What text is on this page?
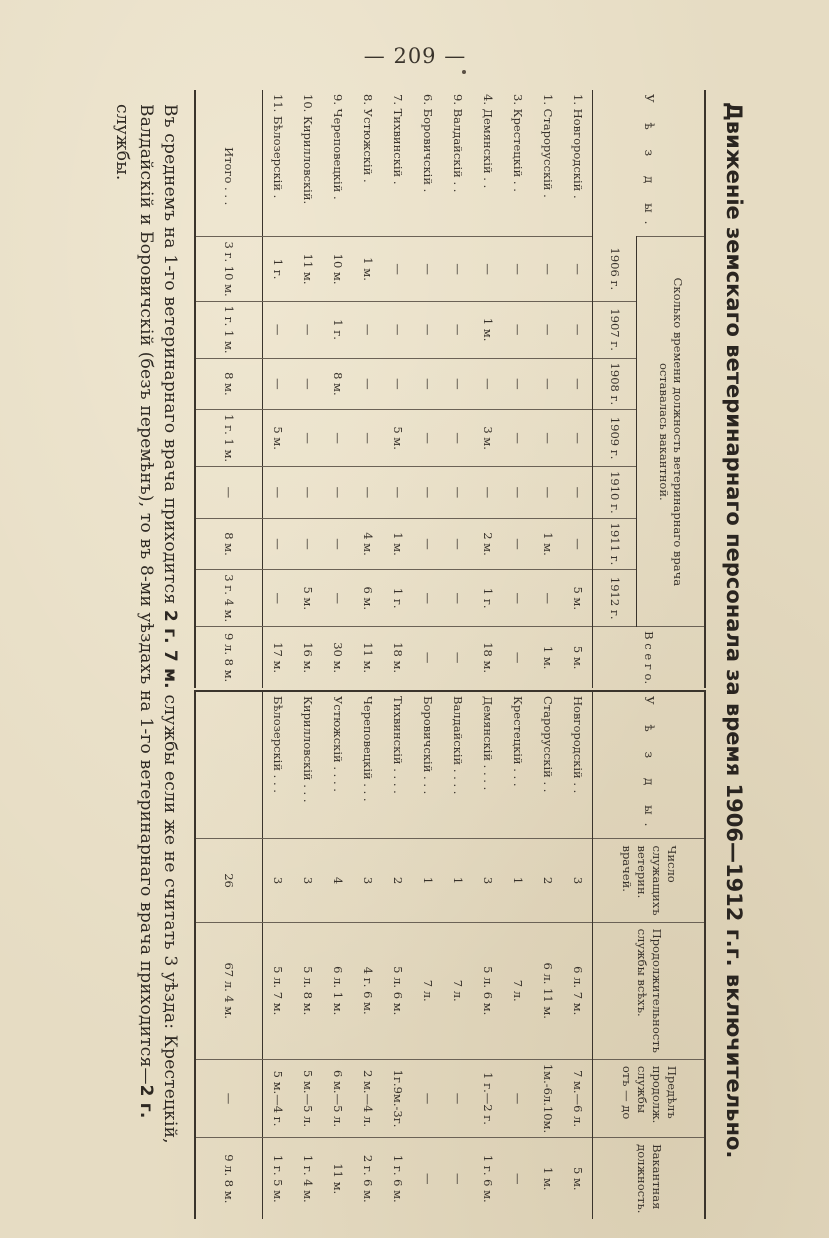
— 209 —
Движеніе земскаго ветеринарнаго персонала за время 1906—1912 г.г. включительно.
У ѣ з д ы.	Сколько времени должность ветеринарнаго врача оставалась вакантной.							В с е г о.
	1906 г.	1907 г.	1908 г.	1909 г.	1910 г.	1911 г.	1912 г.	
1. Новгородскій .	—	—	—	—	—	—	5 м.	5 м.
1. Старорусскій .	—	—	—	—	—	1 м.	—	1 м.
3. Крестецкій . .	—	—	—	—	—	—	—	—
4. Демянскій . .	—	1 м.	—	3 м.	—	2 м.	1 г.	18 м.
9. Валдайскій . .	—	—	—	—	—	—	—	—
6. Боровичскій .	—	—	—	—	—	—	—	—
7. Тихвинскій .	—	—	—	5 м.	—	1 м.	1 г.	18 м.
8. Устюжскій .	1 м.	—	—	—	—	4 м.	6 м.	11 м.
9. Череповецкій .	10 м.	1 г.	8 м.	—	—	—	—	30 м.
10. Кирилловскій.	11 м.	—	—	—	—	—	5 м.	16 м.
11. Бѣлозерскій .	1 г.	—	—	5 м.	—	—	—	17 м.
Итого . . .	3 г. 10 м.	1 г. 1 м.	8 м.	1 г. 1 м.	—	8 м.	3 г. 4 м.	9 л. 8 м.
У ѣ з д ы.	Число служащихъ ветерин. врачей.	Продолжительность службы всѣхъ.	Предѣлъ продолж. службы отъ — до	Вакантная должность.
Новгородскій . .	3	6 л. 7 м.	7 м.—6 л.	5 м.
Старорусскій . .	2	6 л. 11 м.	1м.-6л.10м.	1 м.
Крестецкій . . .	1	7 л.	—	—
Демянскій . . . .	3	5 л. 6 м.	1 г.—2 г.	1 г. 6 м.
Валдайскій . . . .	1	7 л.	—	—
Боровичскій . . .	1	7 л.	—	—
Тихвинскій . . . .	2	5 л. 6 м.	1г.9м.-3г.	1 г. 6 м.
Череповецкій . . .	3	4 г. 6 м.	2 м.—4 л.	2 г. 6 м.
Устюжскій . . . .	4	6 л. 1 м.	6 м.—5 л.	11 м.
Кирилловскій . . .	3	5 л. 8 м.	5 м.—5 л.	1 г. 4 м.
Бѣлозерскій . . .	3	5 л. 7 м.	5 м.—4 г.	1 г. 5 м.
	26	67 л. 4 м.	—	9 л. 8 м.
Въ среднемъ на 1-го ветеринарнаго врача приходится 2 г. 7 м. службы если же не считать 3 уѣзда: Крестецкій, Валдайскій и Боровичскій (безъ перемѣнъ), то въ 8-ми уѣздахъ на 1-го ветеринарнаго врача приходится—2 г. службы.
